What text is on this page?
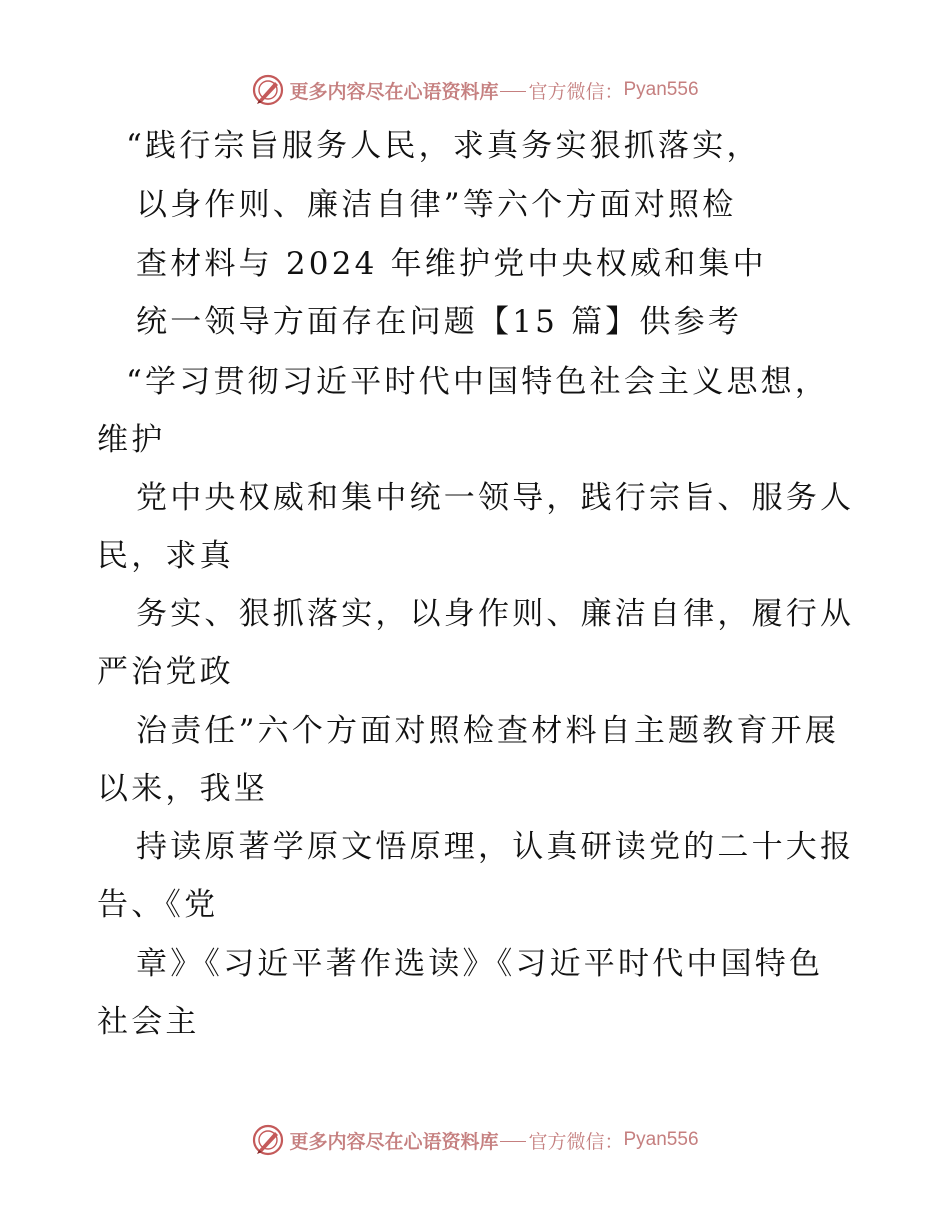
更多内容尽在心语资料库 官方微信： Pyan556
“践行宗旨服务人民，求真务实狠抓落实，
以身作则、廉洁自律”等六个方面对照检
查材料与 2024 年维护党中央权威和集中
统一领导方面存在问题【15 篇】供参考
“学习贯彻习近平时代中国特色社会主义思想，
维护
党中央权威和集中统一领导，践行宗旨、服务人
民，求真
务实、狠抓落实，以身作则、廉洁自律，履行从
严治党政
治责任”六个方面对照检查材料自主题教育开展
以来，我坚
持读原著学原文悟原理，认真研读党的二十大报
告、《党
章》《习近平著作选读》《习近平时代中国特色
社会主
更多内容尽在心语资料库 官方微信： Pyan556
